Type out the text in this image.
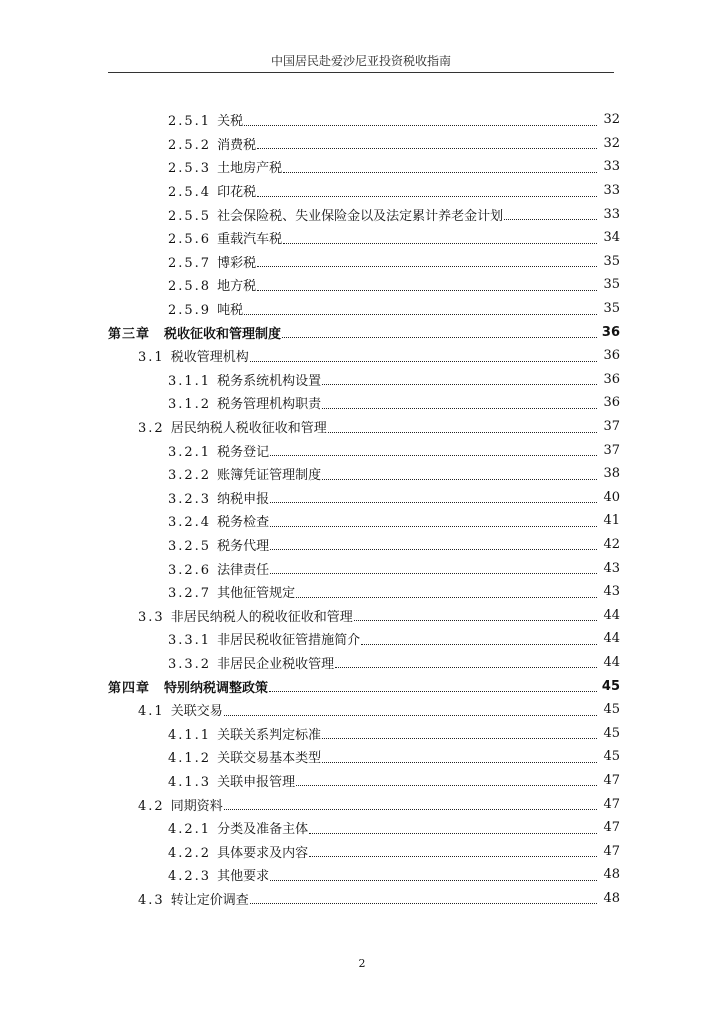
中国居民赴爱沙尼亚投资税收指南
2.5.1 关税	32
2.5.2 消费税	32
2.5.3 土地房产税	33
2.5.4 印花税	33
2.5.5 社会保险税、失业保险金以及法定累计养老金计划	33
2.5.6 重载汽车税	34
2.5.7 博彩税	35
2.5.8 地方税	35
2.5.9 吨税	35
第三章 税收征收和管理制度	36
3.1 税收管理机构	36
3.1.1 税务系统机构设置	36
3.1.2 税务管理机构职责	36
3.2 居民纳税人税收征收和管理	37
3.2.1 税务登记	37
3.2.2 账簿凭证管理制度	38
3.2.3 纳税申报	40
3.2.4 税务检查	41
3.2.5 税务代理	42
3.2.6 法律责任	43
3.2.7 其他征管规定	43
3.3 非居民纳税人的税收征收和管理	44
3.3.1 非居民税收征管措施简介	44
3.3.2 非居民企业税收管理	44
第四章 特别纳税调整政策	45
4.1 关联交易	45
4.1.1 关联关系判定标准	45
4.1.2 关联交易基本类型	45
4.1.3 关联申报管理	47
4.2 同期资料	47
4.2.1 分类及准备主体	47
4.2.2 具体要求及内容	47
4.2.3 其他要求	48
4.3 转让定价调查	48
2
